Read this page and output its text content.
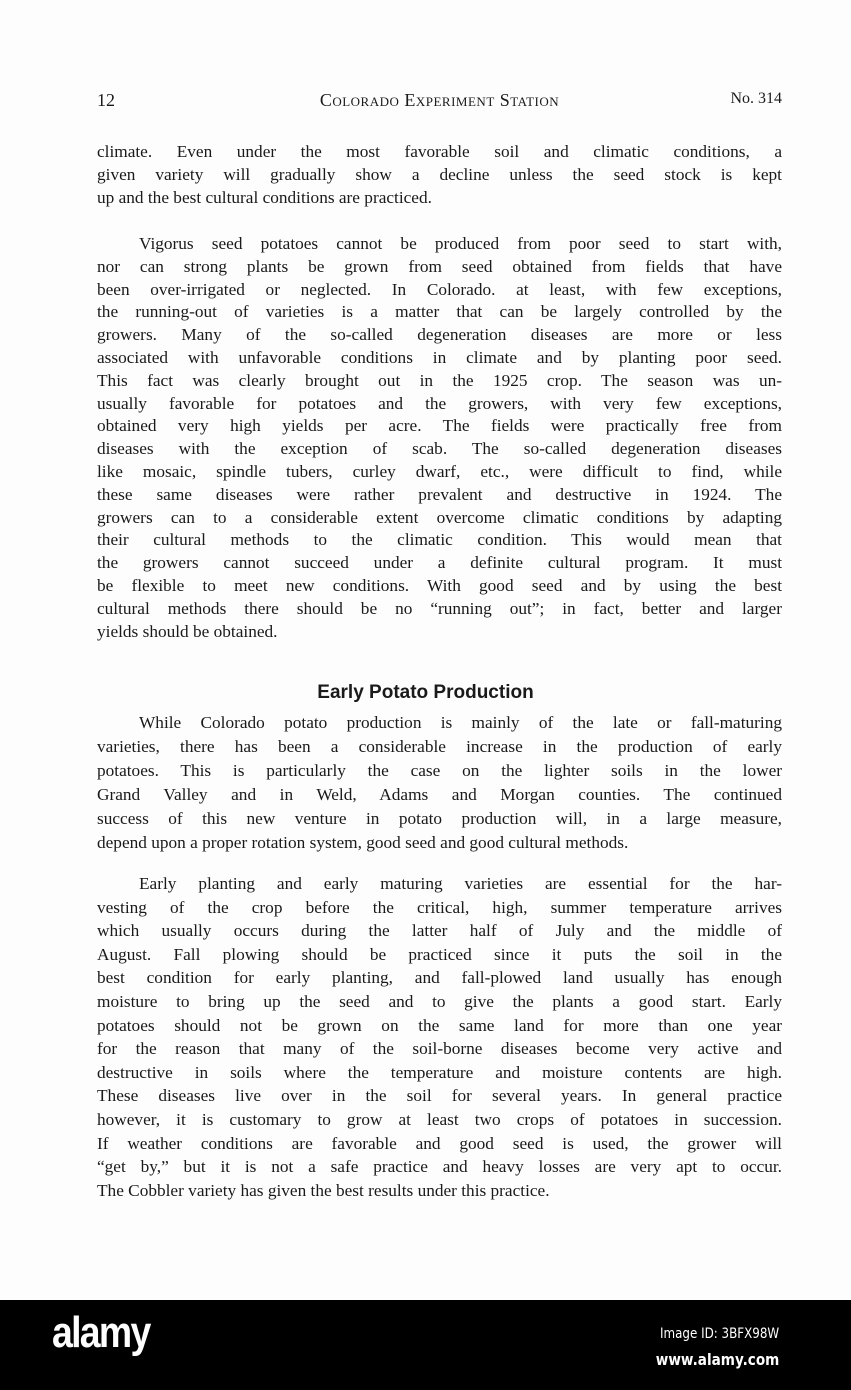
12	Colorado Experiment Station	No. 314
climate. Even under the most favorable soil and climatic conditions, a
given variety will gradually show a decline unless the seed stock is kept
up and the best cultural conditions are practiced.
Vigorus seed potatoes cannot be produced from poor seed to start with,
nor can strong plants be grown from seed obtained from fields that have
been over-irrigated or neglected. In Colorado. at least, with few exceptions,
the running-out of varieties is a matter that can be largely controlled by the
growers. Many of the so-called degeneration diseases are more or less
associated with unfavorable conditions in climate and by planting poor seed.
This fact was clearly brought out in the 1925 crop. The season was un-
usually favorable for potatoes and the growers, with very few exceptions,
obtained very high yields per acre. The fields were practically free from
diseases with the exception of scab. The so-called degeneration diseases
like mosaic, spindle tubers, curley dwarf, etc., were difficult to find, while
these same diseases were rather prevalent and destructive in 1924. The
growers can to a considerable extent overcome climatic conditions by adapting
their cultural methods to the climatic condition. This would mean that
the growers cannot succeed under a definite cultural program. It must
be flexible to meet new conditions. With good seed and by using the best
cultural methods there should be no “running out”; in fact, better and larger
yields should be obtained.
Early Potato Production
While Colorado potato production is mainly of the late or fall-maturing
varieties, there has been a considerable increase in the production of early
potatoes. This is particularly the case on the lighter soils in the lower
Grand Valley and in Weld, Adams and Morgan counties. The continued
success of this new venture in potato production will, in a large measure,
depend upon a proper rotation system, good seed and good cultural methods.
Early planting and early maturing varieties are essential for the har-
vesting of the crop before the critical, high, summer temperature arrives
which usually occurs during the latter half of July and the middle of
August. Fall plowing should be practiced since it puts the soil in the
best condition for early planting, and fall-plowed land usually has enough
moisture to bring up the seed and to give the plants a good start. Early
potatoes should not be grown on the same land for more than one year
for the reason that many of the soil-borne diseases become very active and
destructive in soils where the temperature and moisture contents are high.
These diseases live over in the soil for several years. In general practice
however, it is customary to grow at least two crops of potatoes in succession.
If weather conditions are favorable and good seed is used, the grower will
“get by,” but it is not a safe practice and heavy losses are very apt to occur.
The Cobbler variety has given the best results under this practice.
alamy	Image ID: 3BFX98W
www.alamy.com
